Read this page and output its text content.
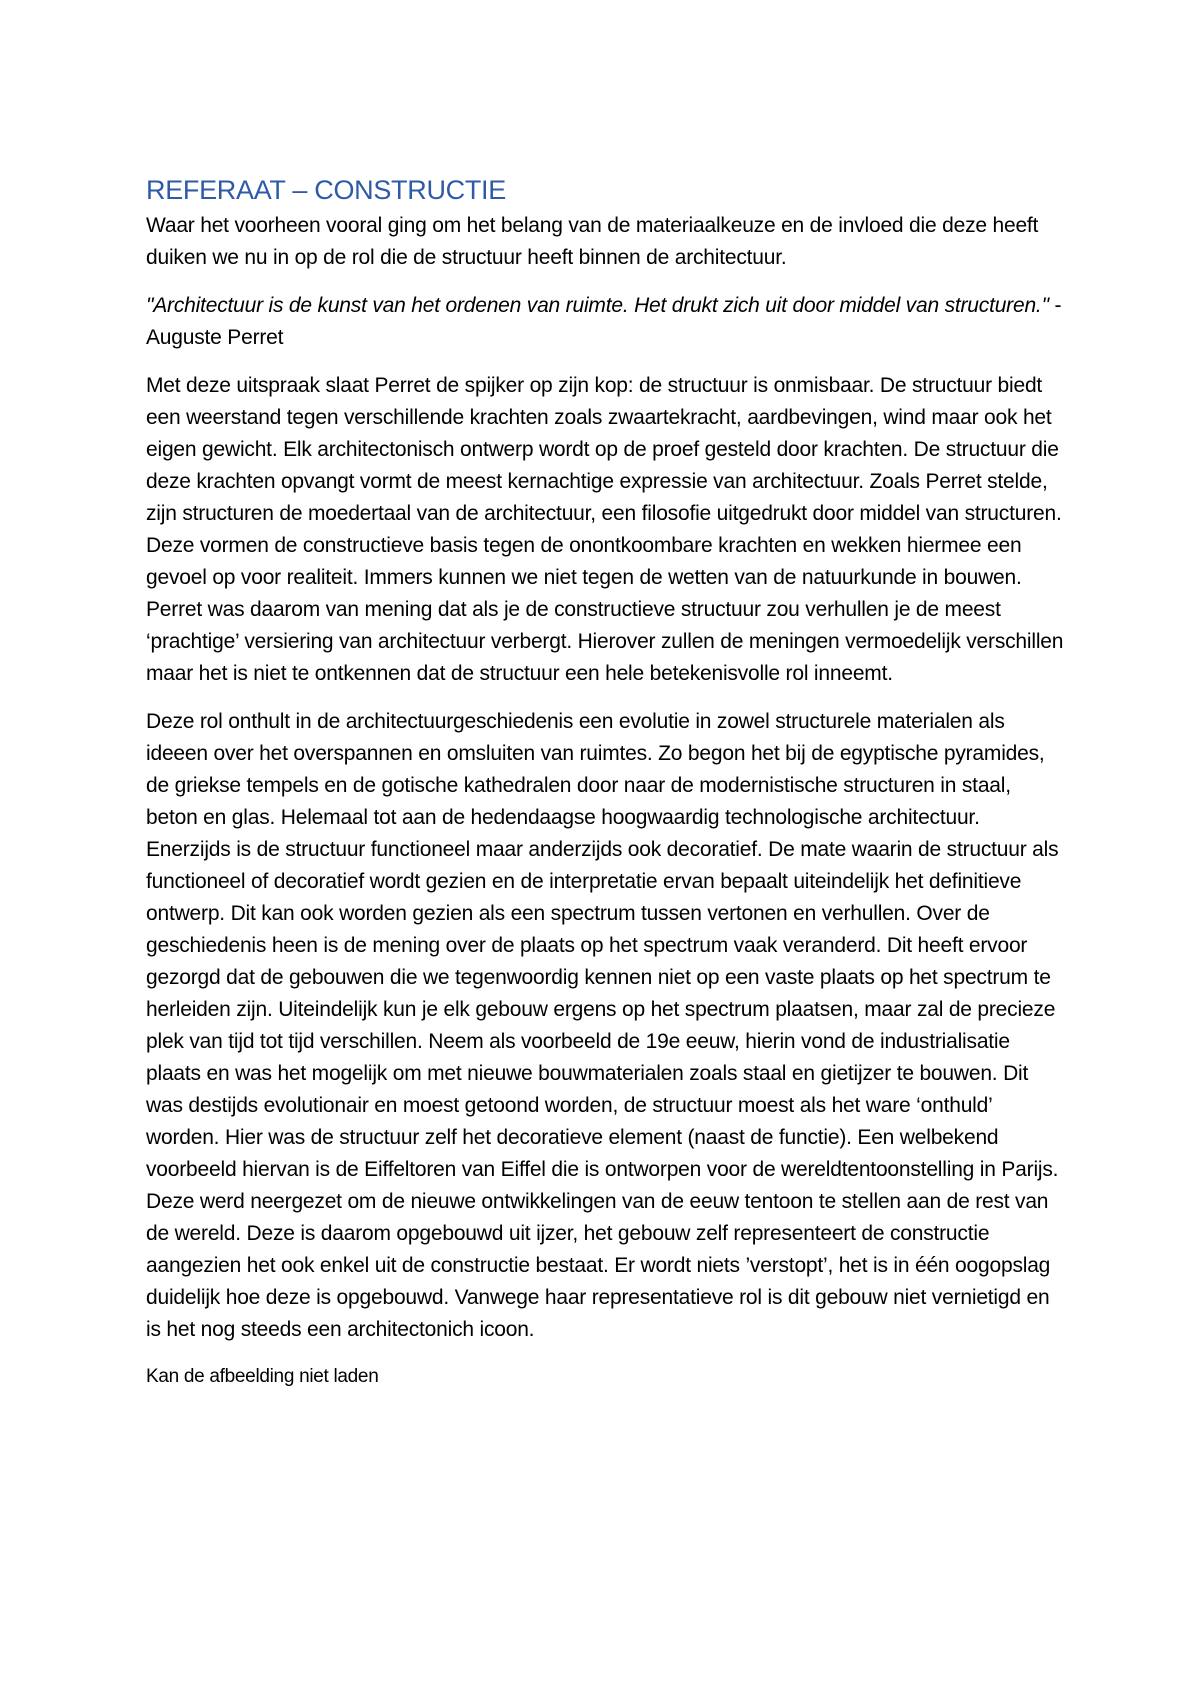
REFERAAT – CONSTRUCTIE

Waar het voorheen vooral ging om het belang van de materiaalkeuze en de invloed die deze heeft duiken we nu in op de rol die de structuur heeft binnen de architectuur.

"Architectuur is de kunst van het ordenen van ruimte. Het drukt zich uit door middel van structuren." - Auguste Perret

Met deze uitspraak slaat Perret de spijker op zijn kop: de structuur is onmisbaar. De structuur biedt een weerstand tegen verschillende krachten zoals zwaartekracht, aardbevingen, wind maar ook het eigen gewicht. Elk architectonisch ontwerp wordt op de proef gesteld door krachten. De structuur die deze krachten opvangt vormt de meest kernachtige expressie van architectuur. Zoals Perret stelde, zijn structuren de moedertaal van de architectuur, een filosofie uitgedrukt door middel van structuren. Deze vormen de constructieve basis tegen de onontkoombare krachten en wekken hiermee een gevoel op voor realiteit. Immers kunnen we niet tegen de wetten van de natuurkunde in bouwen. Perret was daarom van mening dat als je de constructieve structuur zou verhullen je de meest ‘prachtige’ versiering van architectuur verbergt. Hierover zullen de meningen vermoedelijk verschillen maar het is niet te ontkennen dat de structuur een hele betekenisvolle rol inneemt.

Deze rol onthult in de architectuurgeschiedenis een evolutie in zowel structurele materialen als ideeen over het overspannen en omsluiten van ruimtes. Zo begon het bij de egyptische pyramides, de griekse tempels en de gotische kathedralen door naar de modernistische structuren in staal, beton en glas. Helemaal tot aan de hedendaagse hoogwaardig technologische architectuur. Enerzijds is de structuur functioneel maar anderzijds ook decoratief. De mate waarin de structuur als functioneel of decoratief wordt gezien en de interpretatie ervan bepaalt uiteindelijk het definitieve ontwerp. Dit kan ook worden gezien als een spectrum tussen vertonen en verhullen. Over de geschiedenis heen is de mening over de plaats op het spectrum vaak veranderd. Dit heeft ervoor gezorgd dat de gebouwen die we tegenwoordig kennen niet op een vaste plaats op het spectrum te herleiden zijn. Uiteindelijk kun je elk gebouw ergens op het spectrum plaatsen, maar zal de precieze plek van tijd tot tijd verschillen. Neem als voorbeeld de 19e eeuw, hierin vond de industrialisatie plaats en was het mogelijk om met nieuwe bouwmaterialen zoals staal en gietijzer te bouwen. Dit was destijds evolutionair en moest getoond worden, de structuur moest als het ware ‘onthuld’ worden. Hier was de structuur zelf het decoratieve element (naast de functie). Een welbekend voorbeeld hiervan is de Eiffeltoren van Eiffel die is ontworpen voor de wereldtentoonstelling in Parijs. Deze werd neergezet om de nieuwe ontwikkelingen van de eeuw tentoon te stellen aan de rest van de wereld. Deze is daarom opgebouwd uit ijzer, het gebouw zelf representeert de constructie aangezien het ook enkel uit de constructie bestaat. Er wordt niets ’verstopt’, het is in één oogopslag duidelijk hoe deze is opgebouwd. Vanwege haar representatieve rol is dit gebouw niet vernietigd en is het nog steeds een architectonich icoon.

Kan de afbeelding niet laden
